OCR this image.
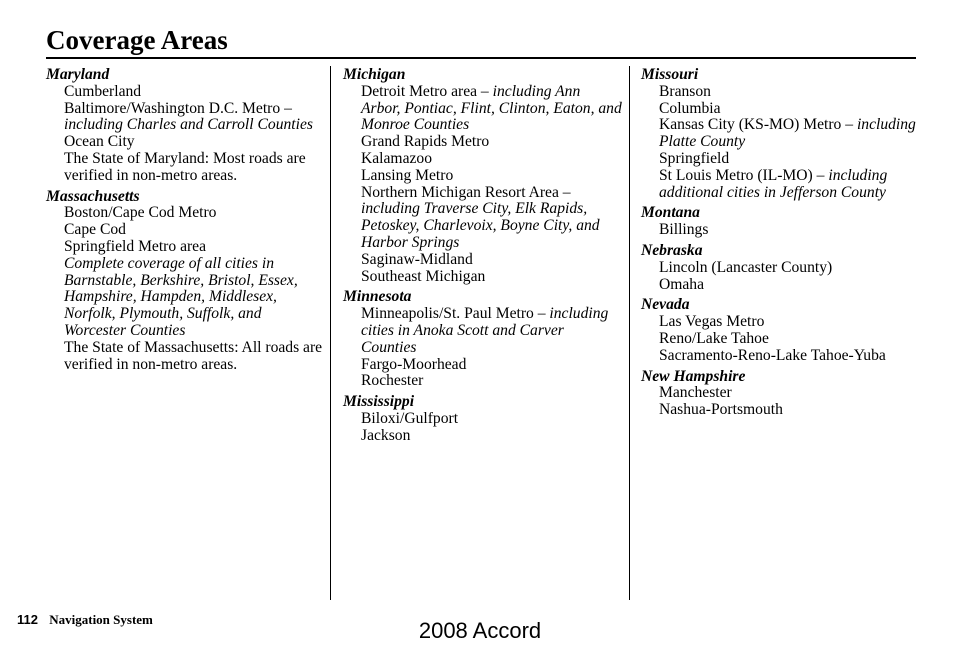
Coverage Areas

Maryland

Cumberland
Baltimore/Washington D.C. Metro – including Charles and Carroll Counties
Ocean City
The State of Maryland: Most roads are verified in non-metro areas.

Massachusetts

Boston/Cape Cod Metro
Cape Cod
Springfield Metro area
Complete coverage of all cities in Barnstable, Berkshire, Bristol, Essex, Hampshire, Hampden, Middlesex, Norfolk, Plymouth, Suffolk, and Worcester Counties
The State of Massachusetts: All roads are verified in non-metro areas.

Michigan

Detroit Metro area – including Ann Arbor, Pontiac, Flint, Clinton, Eaton, and Monroe Counties
Grand Rapids Metro
Kalamazoo
Lansing Metro
Northern Michigan Resort Area – including Traverse City, Elk Rapids, Petoskey, Charlevoix, Boyne City, and Harbor Springs
Saginaw-Midland
Southeast Michigan

Minnesota

Minneapolis/St. Paul Metro – including cities in Anoka Scott and Carver Counties
Fargo-Moorhead
Rochester

Mississippi

Biloxi/Gulfport
Jackson

Missouri

Branson
Columbia
Kansas City (KS-MO) Metro – including Platte County
Springfield
St Louis Metro (IL-MO) – including additional cities in Jefferson County

Montana

Billings

Nebraska

Lincoln (Lancaster County)
Omaha

Nevada

Las Vegas Metro
Reno/Lake Tahoe
Sacramento-Reno-Lake Tahoe-Yuba

New Hampshire

Manchester
Nashua-Portsmouth
112 Navigation System	2008 Accord
